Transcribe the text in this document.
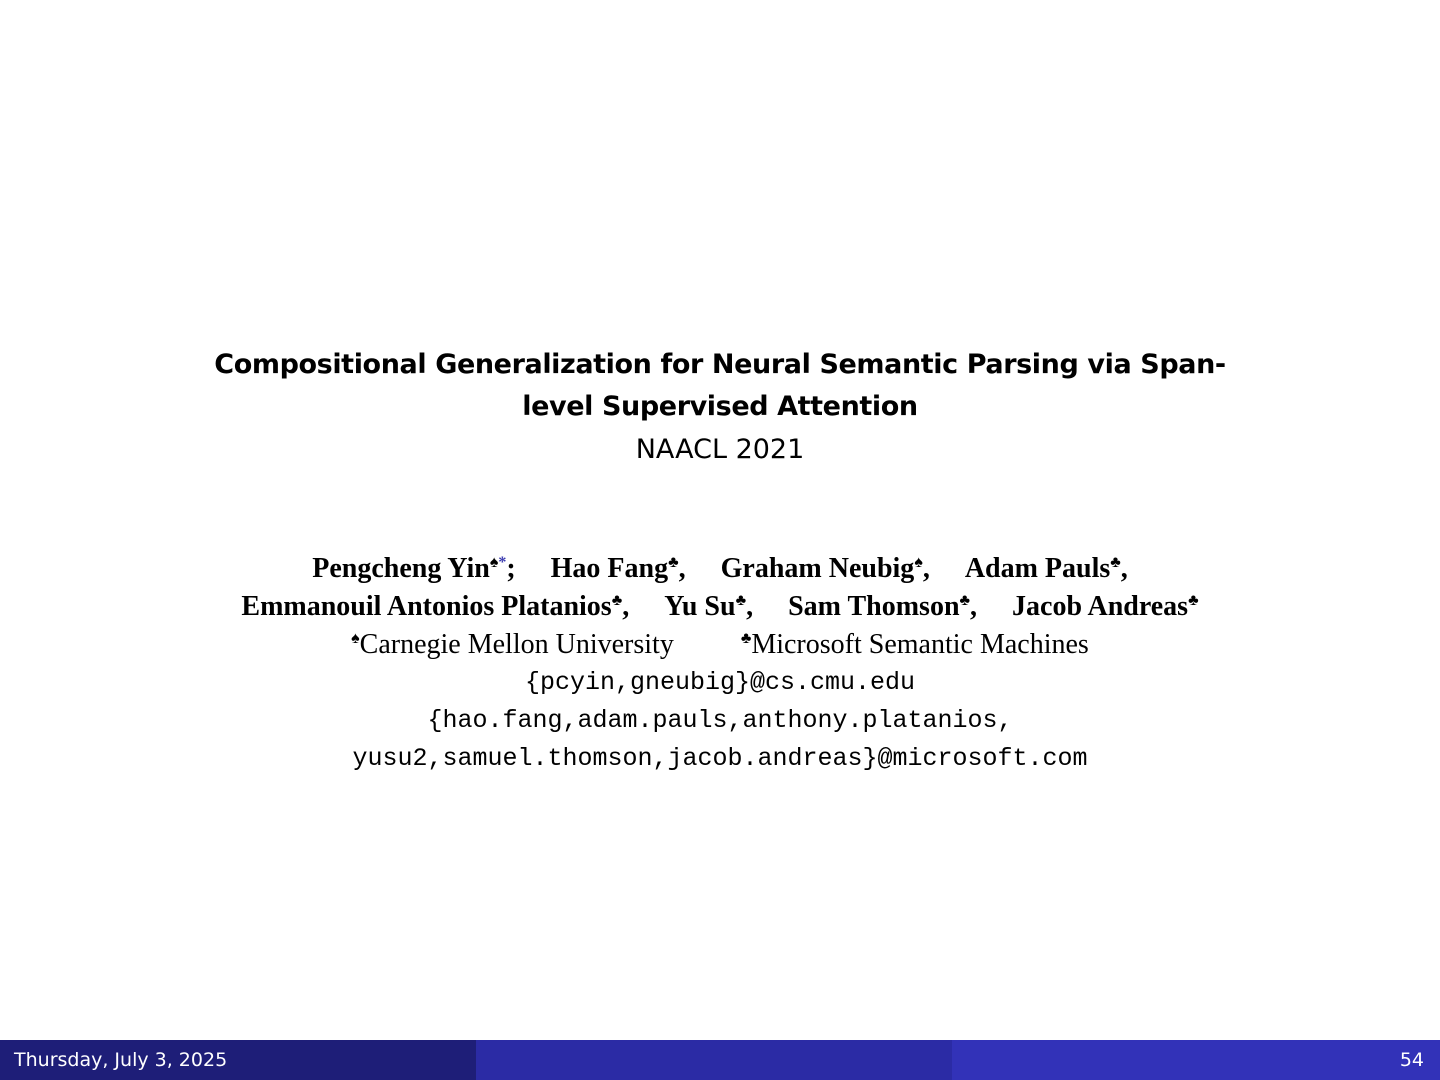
Compositional Generalization for Neural Semantic Parsing via Span-
level Supervised Attention

NAACL 2021

Pengcheng Yin♠*; Hao Fang♣, Graham Neubig♠, Adam Pauls♣,
Emmanouil Antonios Platanios♣, Yu Su♣, Sam Thomson♣, Jacob Andreas♣
♠Carnegie Mellon University	♣Microsoft Semantic Machines
{pcyin,gneubig}@cs.cmu.edu
{hao.fang,adam.pauls,anthony.platanios,
yusu2,samuel.thomson,jacob.andreas}@microsoft.com
Thursday, July 3, 2025	54
